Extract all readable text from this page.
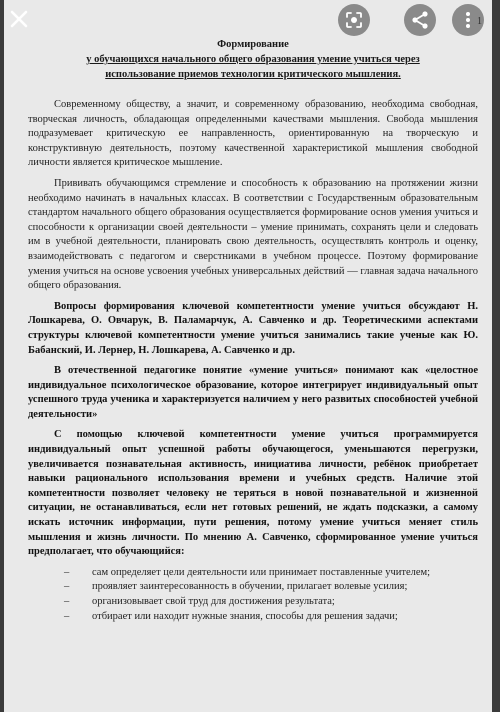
Формирование
у обучающихся начального общего образования умение учиться через
использование приемов технологии критического мышления.

Современному обществу, а значит, и современному образованию, необходима свободная, творческая личность, обладающая определенными качествами мышления. Свобода мышления подразумевает критическую ее направленность, ориентированную на творческую и конструктивную деятельность, поэтому качественной характеристикой мышления свободной личности является критическое мышление.

Прививать обучающимся стремление и способность к образованию на протяжении жизни необходимо начинать в начальных классах. В соответствии с Государственным образовательным стандартом начального общего образования осуществляется формирование основ умения учиться и способности к организации своей деятельности – умение принимать, сохранять цели и следовать им в учебной деятельности, планировать свою деятельность, осуществлять контроль и оценку, взаимодействовать с педагогом и сверстниками в учебном процессе. Поэтому формирование умения учиться на основе усвоения учебных универсальных действий — главная задача начального общего образования.

Вопросы формирования ключевой компетентности умение учиться обсуждают Н. Лошкарева, О. Овчарук, В. Паламарчук, А. Савченко и др. Теоретическими аспектами структуры ключевой компетентности умение учиться занимались такие ученые как Ю. Бабанский, И. Лернер, Н. Лошкарева, А. Савченко и др.

В отечественной педагогике понятие «умение учиться» понимают как «целостное индивидуальное психологическое образование, которое интегрирует индивидуальный опыт успешного труда ученика и характеризуется наличием у него развитых способностей учебной деятельности»

С помощью ключевой компетентности умение учиться программируется индивидуальный опыт успешной работы обучающегося, уменьшаются перегрузки, увеличивается познавательная активность, инициатива личности, ребёнок приобретает навыки рационального использования времени и учебных средств. Наличие этой компетентности позволяет человеку не теряться в новой познавательной и жизненной ситуации, не останавливаться, если нет готовых решений, не ждать подсказки, а самому искать источник информации, пути решения, потому умение учиться меняет стиль мышления и жизнь личности. По мнению А. Савченко, сформированное умение учиться предполагает, что обучающийся:

– сам определяет цели деятельности или принимает поставленные учителем;
– проявляет заинтересованность в обучении, прилагает волевые усилия;
– организовывает свой труд для достижения результата;
– отбирает или находит нужные знания, способы для решения задачи;
